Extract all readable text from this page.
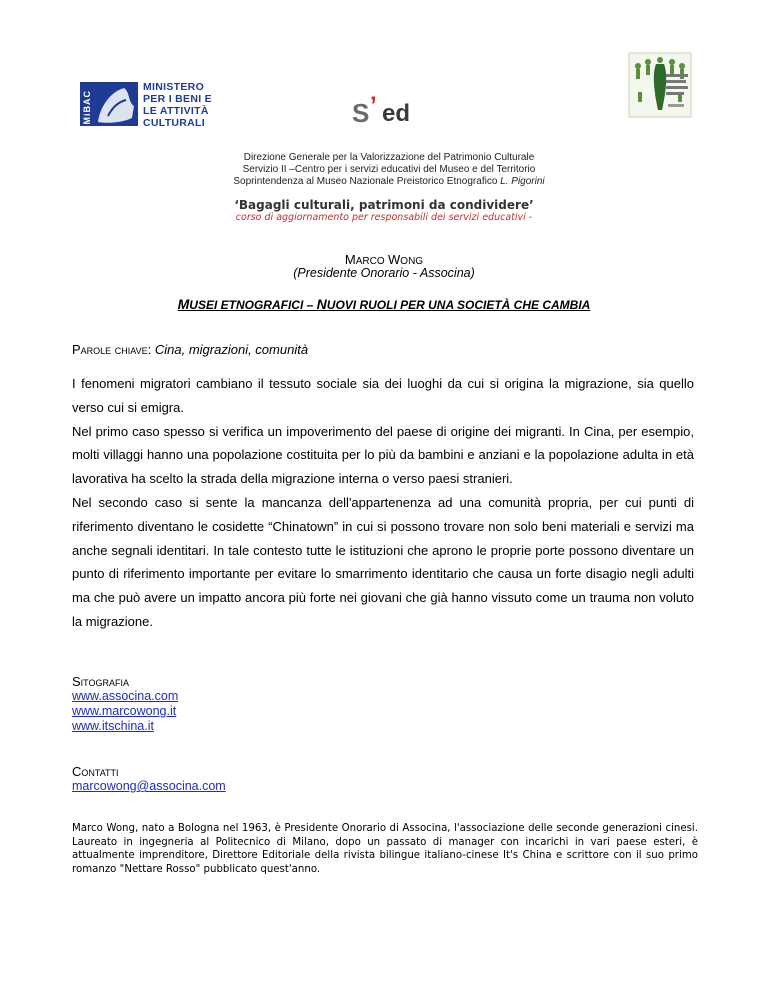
MiBAC
MINISTERO
PER I BENI E
LE ATTIVITÀ
CULTURALI	S ’ ed
Direzione Generale per la Valorizzazione del Patrimonio Culturale
Servizio II –Centro per i servizi educativi del Museo e del Territorio
Soprintendenza al Museo Nazionale Preistorico Etnografico L. Pigorini
‘Bagagli culturali, patrimoni da condividere’
corso di aggiornamento per responsabili dei servizi educativi -
MARCO WONG
(Presidente Onorario - Associna)
MUSEI ETNOGRAFICI – NUOVI RUOLI PER UNA SOCIETÀ CHE CAMBIA
Parole chiave: Cina, migrazioni, comunità

I fenomeni migratori cambiano il tessuto sociale sia dei luoghi da cui si origina la migrazione, sia quello verso cui si emigra.

Nel primo caso spesso si verifica un impoverimento del paese di origine dei migranti. In Cina, per esempio, molti villaggi hanno una popolazione costituita per lo più da bambini e anziani e la popolazione adulta in età lavorativa ha scelto la strada della migrazione interna o verso paesi stranieri.

Nel secondo caso si sente la mancanza dell'appartenenza ad una comunità propria, per cui punti di riferimento diventano le cosidette “Chinatown” in cui si possono trovare non solo beni materiali e servizi ma anche segnali identitari. In tale contesto tutte le istituzioni che aprono le proprie porte possono diventare un punto di riferimento importante per evitare lo smarrimento identitario che causa un forte disagio negli adulti ma che può avere un impatto ancora più forte nei giovani che già hanno vissuto come un trauma non voluto la migrazione.

Sitografia
www.associna.com
www.marcowong.it
www.itschina.it
Contatti
marcowong@associna.com
Marco Wong, nato a Bologna nel 1963, è Presidente Onorario di Associna, l'associazione delle seconde generazioni cinesi. Laureato in ingegneria al Politecnico di Milano, dopo un passato di manager con incarichi in vari paese esteri, è attualmente imprenditore, Direttore Editoriale della rivista bilingue italiano-cinese It's China e scrittore con il suo primo romanzo "Nettare Rosso" pubblicato quest'anno.
